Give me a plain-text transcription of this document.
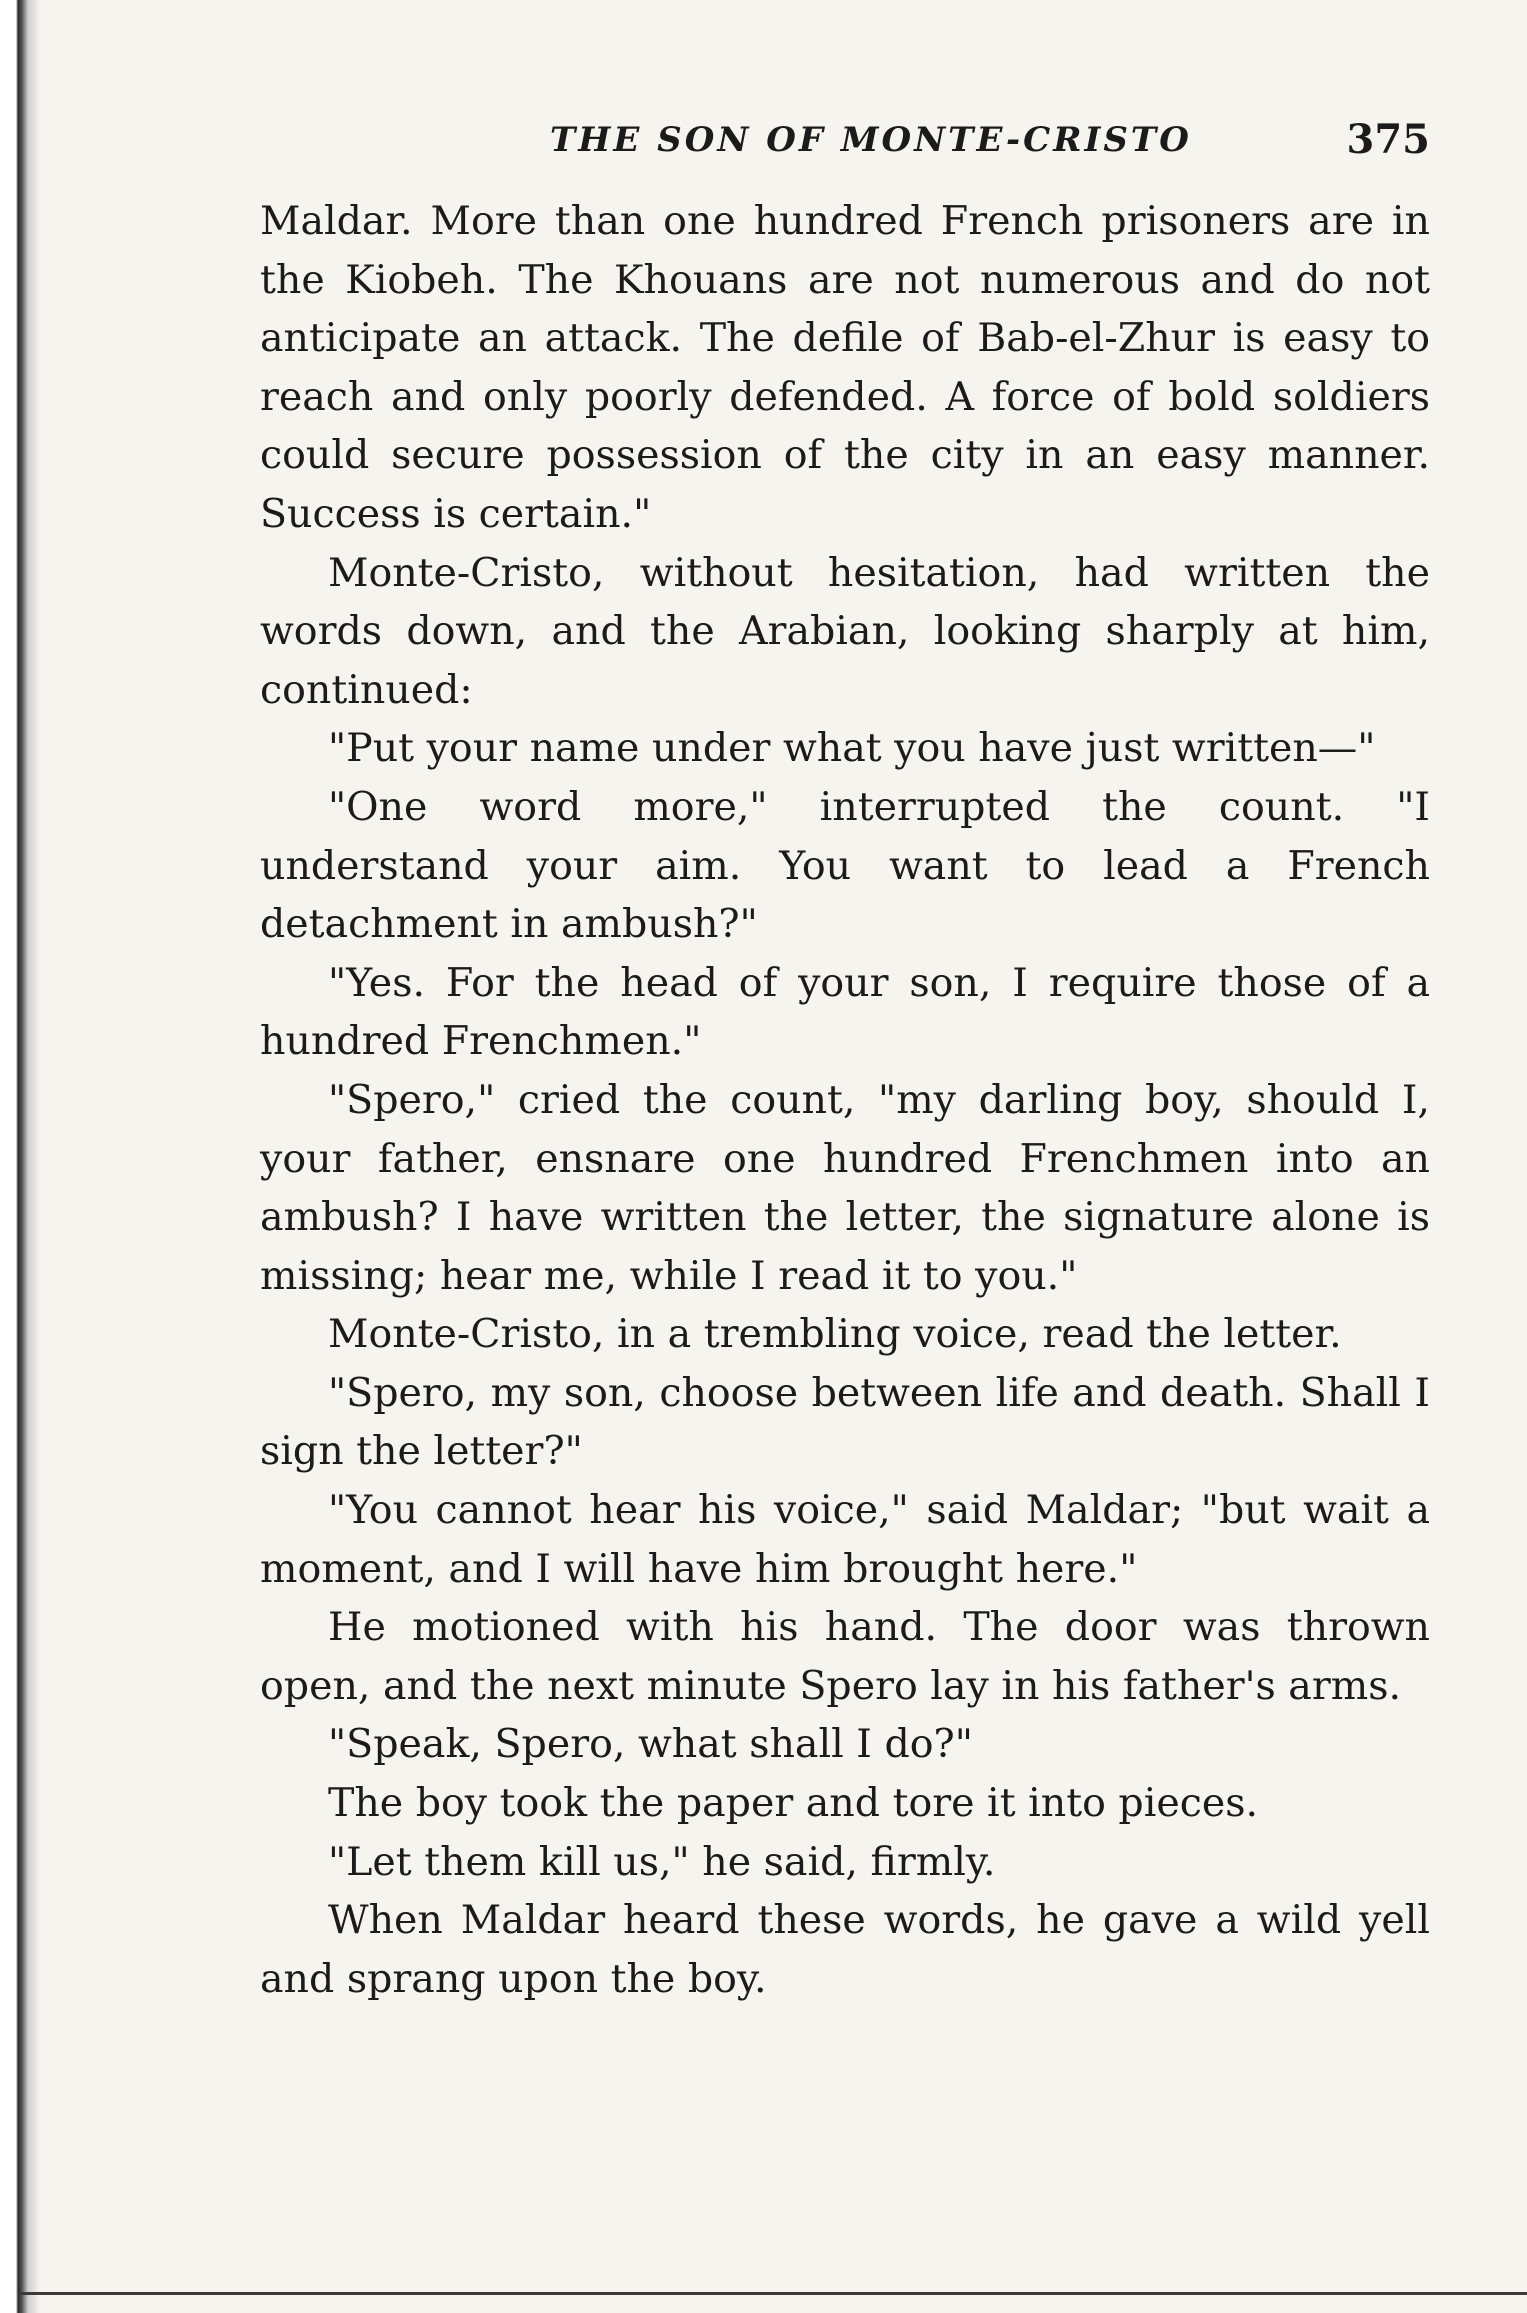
THE SON OF MONTE-CRISTO	375

Maldar. More than one hundred French prisoners are in the Kiobeh. The Khouans are not numerous and do not anticipate an attack. The defile of Bab-el-Zhur is easy to reach and only poorly defended. A force of bold soldiers could secure possession of the city in an easy manner. Success is certain."

Monte-Cristo, without hesitation, had written the words down, and the Arabian, looking sharply at him, continued:

"Put your name under what you have just written—"

"One word more," interrupted the count. "I understand your aim. You want to lead a French detachment in ambush?"

"Yes. For the head of your son, I require those of a hundred Frenchmen."

"Spero," cried the count, "my darling boy, should I, your father, ensnare one hundred Frenchmen into an ambush? I have written the letter, the signature alone is missing; hear me, while I read it to you."

Monte-Cristo, in a trembling voice, read the letter.

"Spero, my son, choose between life and death. Shall I sign the letter?"

"You cannot hear his voice," said Maldar; "but wait a moment, and I will have him brought here."

He motioned with his hand. The door was thrown open, and the next minute Spero lay in his father's arms.

"Speak, Spero, what shall I do?"

The boy took the paper and tore it into pieces.

"Let them kill us," he said, firmly.

When Maldar heard these words, he gave a wild yell and sprang upon the boy.
